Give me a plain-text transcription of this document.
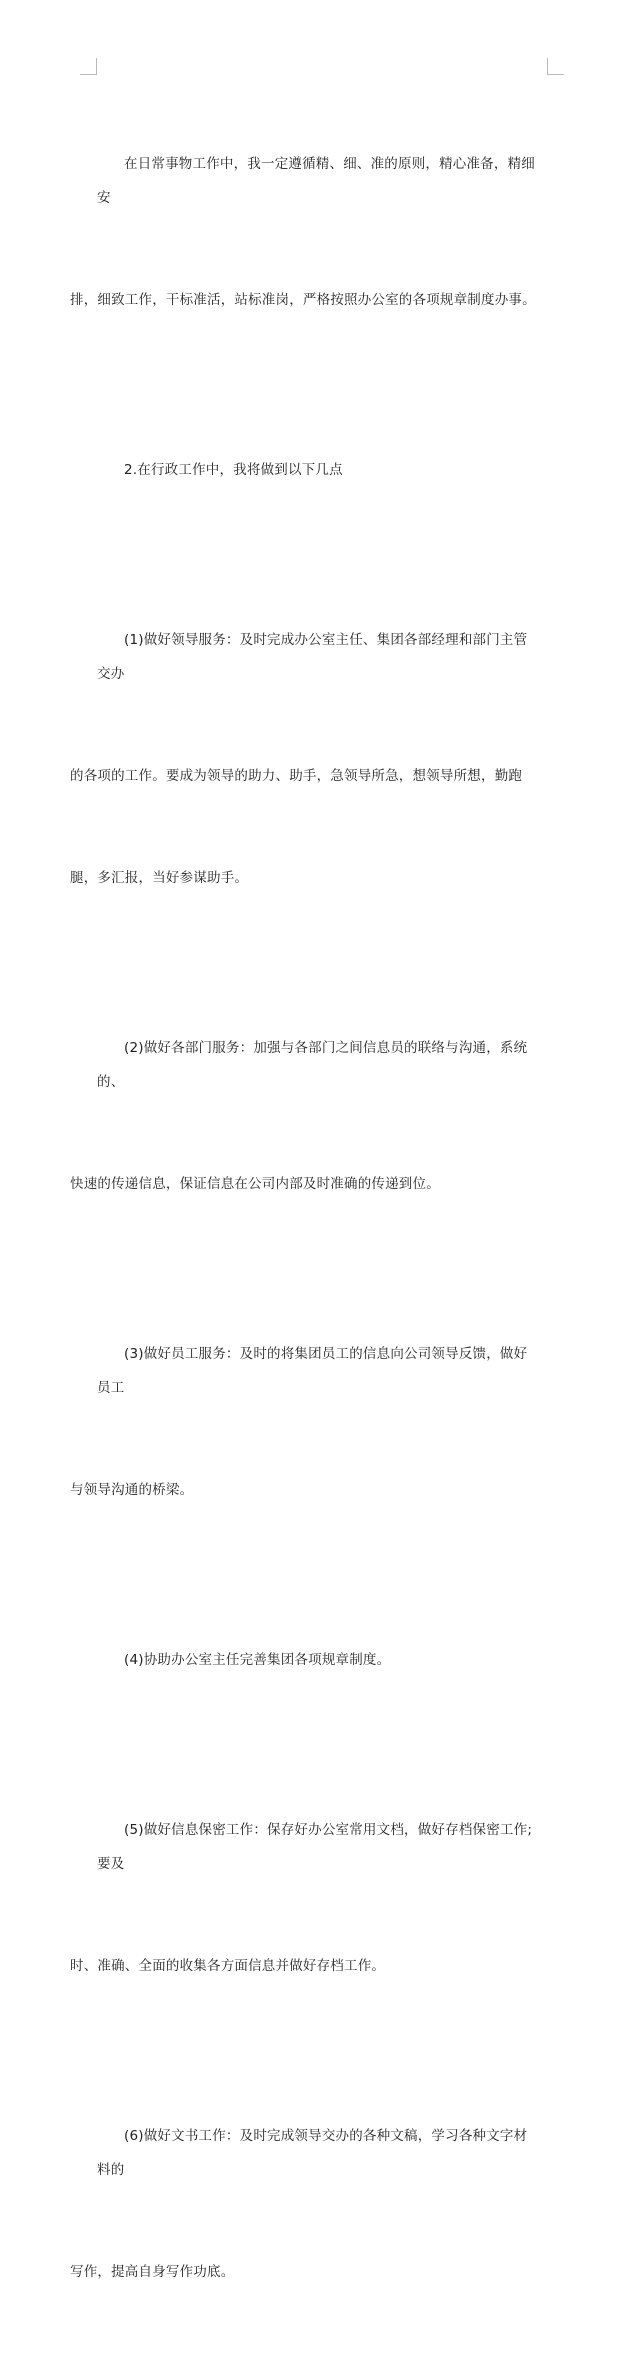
在日常事物工作中，我一定遵循精、细、准的原则，精心准备，精细安

排，细致工作，干标准活，站标准岗，严格按照办公室的各项规章制度办事。

2.在行政工作中，我将做到以下几点

(1)做好领导服务：及时完成办公室主任、集团各部经理和部门主管交办

的各项的工作。要成为领导的助力、助手，急领导所急，想领导所想，勤跑

腿，多汇报，当好参谋助手。

(2)做好各部门服务：加强与各部门之间信息员的联络与沟通，系统的、

快速的传递信息，保证信息在公司内部及时准确的传递到位。

(3)做好员工服务：及时的将集团员工的信息向公司领导反馈，做好员工

与领导沟通的桥梁。

(4)协助办公室主任完善集团各项规章制度。

(5)做好信息保密工作：保存好办公室常用文档，做好存档保密工作;要及

时、准确、全面的收集各方面信息并做好存档工作。

(6)做好文书工作：及时完成领导交办的各种文稿，学习各种文字材料的

写作，提高自身写作功底。
